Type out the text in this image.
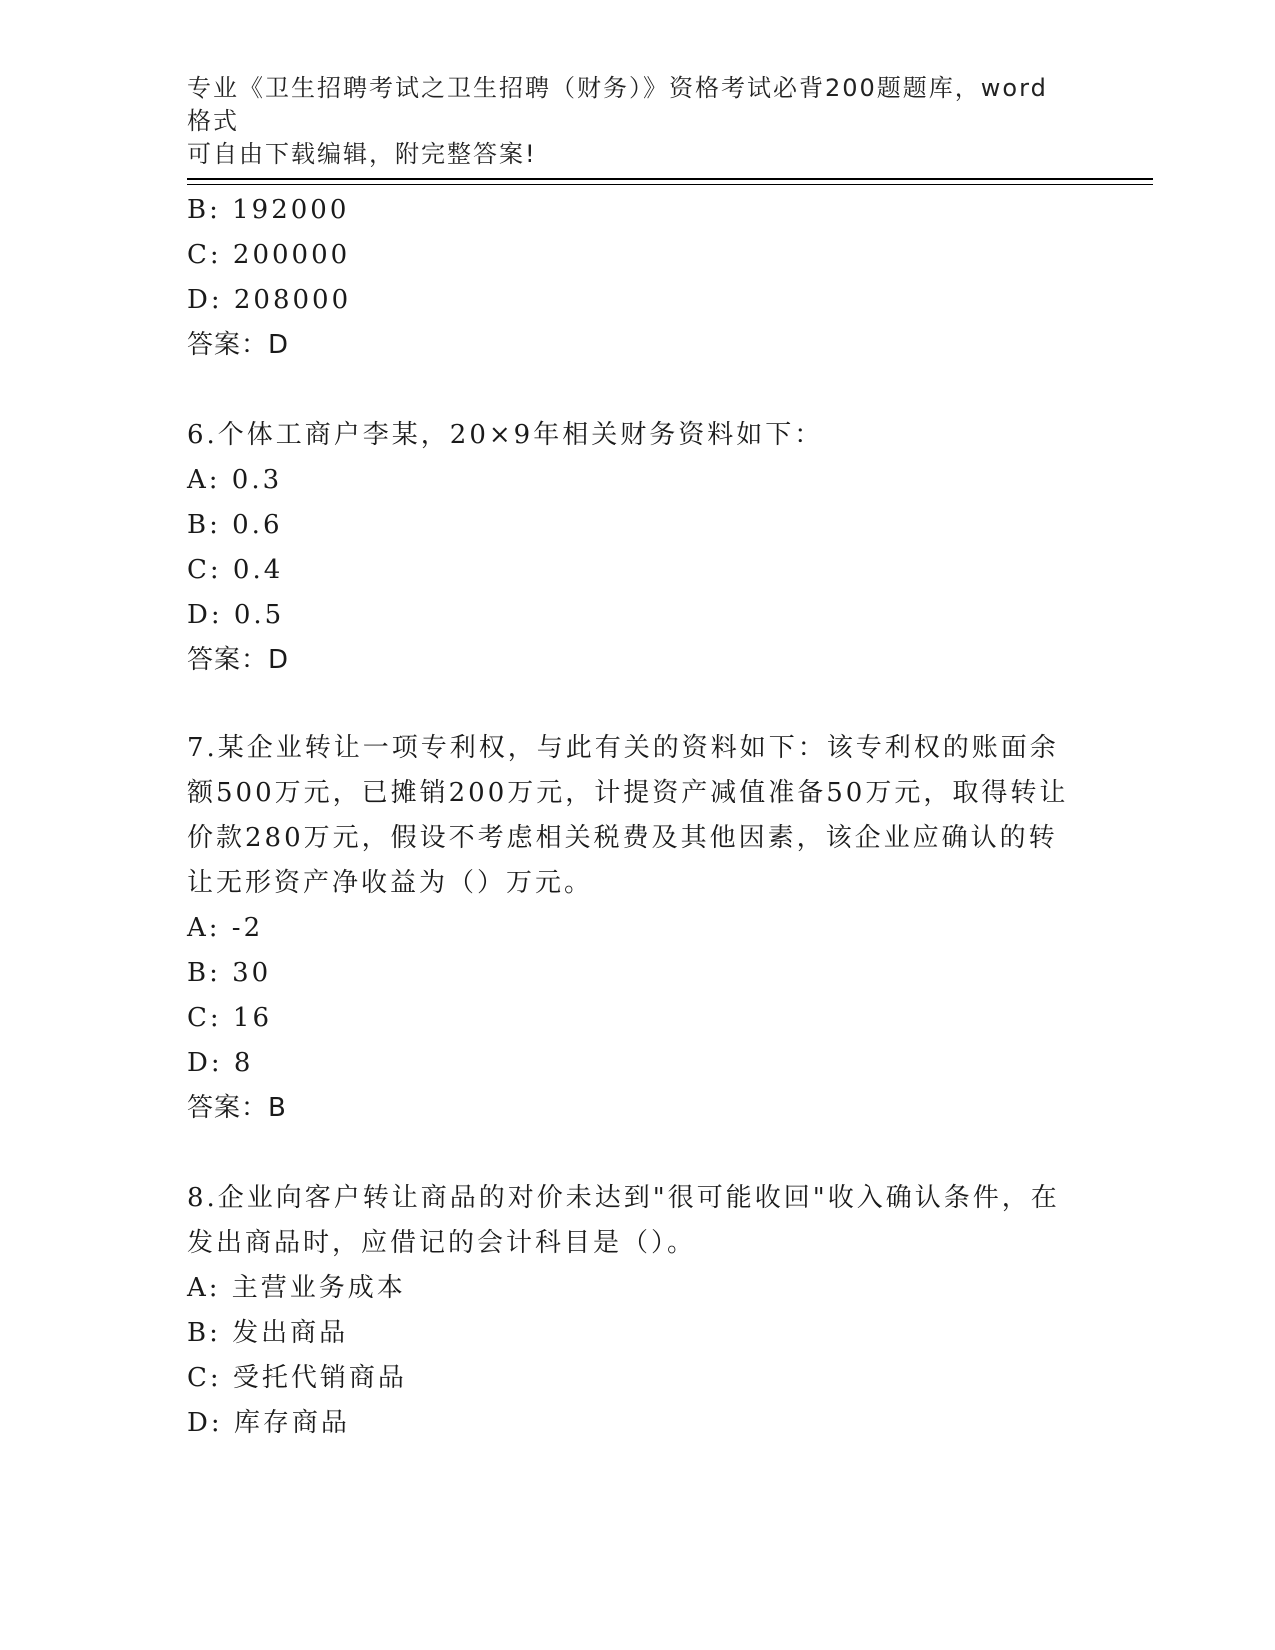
专业《卫生招聘考试之卫生招聘（财务）》资格考试必背200题题库，word格式
可自由下载编辑，附完整答案!
B: 192000
C: 200000
D: 208000
答案：D
6.个体工商户李某，20×9年相关财务资料如下：
A: 0.3
B: 0.6
C: 0.4
D: 0.5
答案：D
7.某企业转让一项专利权，与此有关的资料如下：该专利权的账面余
额500万元，已摊销200万元，计提资产减值准备50万元，取得转让
价款280万元，假设不考虑相关税费及其他因素，该企业应确认的转
让无形资产净收益为（）万元。
A: -2
B: 30
C: 16
D: 8
答案：B
8.企业向客户转让商品的对价未达到"很可能收回"收入确认条件，在
发出商品时，应借记的会计科目是（）。
A: 主营业务成本
B: 发出商品
C: 受托代销商品
D: 库存商品
